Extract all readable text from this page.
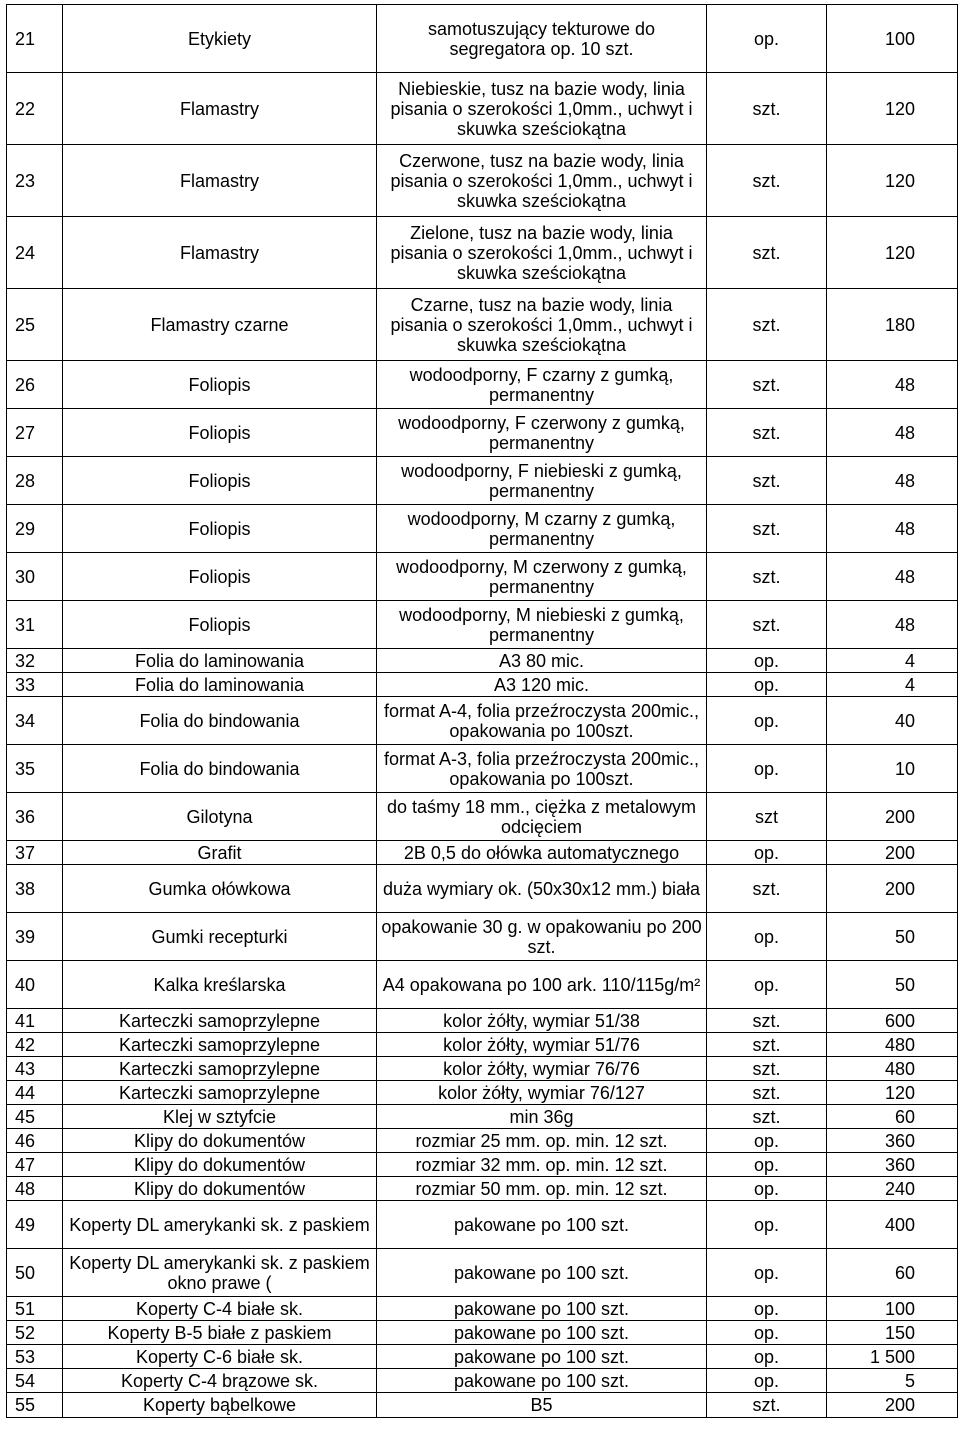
21	Etykiety	samotuszujący tekturowe do segregatora op. 10 szt.	op.	100
22	Flamastry	Niebieskie, tusz na bazie wody, linia pisania o szerokości 1,0mm., uchwyt i skuwka sześciokątna	szt.	120
23	Flamastry	Czerwone, tusz na bazie wody, linia pisania o szerokości 1,0mm., uchwyt i skuwka sześciokątna	szt.	120
24	Flamastry	Zielone, tusz na bazie wody, linia pisania o szerokości 1,0mm., uchwyt i skuwka sześciokątna	szt.	120
25	Flamastry czarne	Czarne, tusz na bazie wody, linia pisania o szerokości 1,0mm., uchwyt i skuwka sześciokątna	szt.	180
26	Foliopis	wodoodporny, F czarny z gumką, permanentny	szt.	48
27	Foliopis	wodoodporny, F czerwony z gumką, permanentny	szt.	48
28	Foliopis	wodoodporny, F niebieski z gumką, permanentny	szt.	48
29	Foliopis	wodoodporny, M czarny z gumką, permanentny	szt.	48
30	Foliopis	wodoodporny, M czerwony z gumką, permanentny	szt.	48
31	Foliopis	wodoodporny, M niebieski z gumką, permanentny	szt.	48
32	Folia do laminowania	A3 80 mic.	op.	4
33	Folia do laminowania	A3 120 mic.	op.	4
34	Folia do bindowania	format A-4, folia przeźroczysta 200mic., opakowania po 100szt.	op.	40
35	Folia do bindowania	format A-3, folia przeźroczysta 200mic., opakowania po 100szt.	op.	10
36	Gilotyna	do taśmy 18 mm., ciężka z metalowym odcięciem	szt	200
37	Grafit	2B 0,5 do ołówka automatycznego	op.	200
38	Gumka ołówkowa	duża wymiary ok. (50x30x12 mm.) biała	szt.	200
39	Gumki recepturki	opakowanie 30 g. w opakowaniu po 200 szt.	op.	50
40	Kalka kreślarska	A4 opakowana po 100 ark. 110/115g/m²	op.	50
41	Karteczki samoprzylepne	kolor żółty, wymiar 51/38	szt.	600
42	Karteczki samoprzylepne	kolor żółty, wymiar 51/76	szt.	480
43	Karteczki samoprzylepne	kolor żółty, wymiar 76/76	szt.	480
44	Karteczki samoprzylepne	kolor żółty, wymiar 76/127	szt.	120
45	Klej w sztyfcie	min 36g	szt.	60
46	Klipy do dokumentów	rozmiar 25 mm. op. min. 12 szt.	op.	360
47	Klipy do dokumentów	rozmiar 32 mm. op. min. 12 szt.	op.	360
48	Klipy do dokumentów	rozmiar 50 mm. op. min. 12 szt.	op.	240
49	Koperty DL amerykanki sk. z paskiem	pakowane po 100 szt.	op.	400
50	Koperty DL amerykanki sk. z paskiem okno prawe (	pakowane po 100 szt.	op.	60
51	Koperty C-4 białe sk.	pakowane po 100 szt.	op.	100
52	Koperty B-5 białe z paskiem	pakowane po 100 szt.	op.	150
53	Koperty C-6 białe sk.	pakowane po 100 szt.	op.	1 500
54	Koperty C-4 brązowe sk.	pakowane po 100 szt.	op.	5
55	Koperty bąbelkowe	B5	szt.	200
